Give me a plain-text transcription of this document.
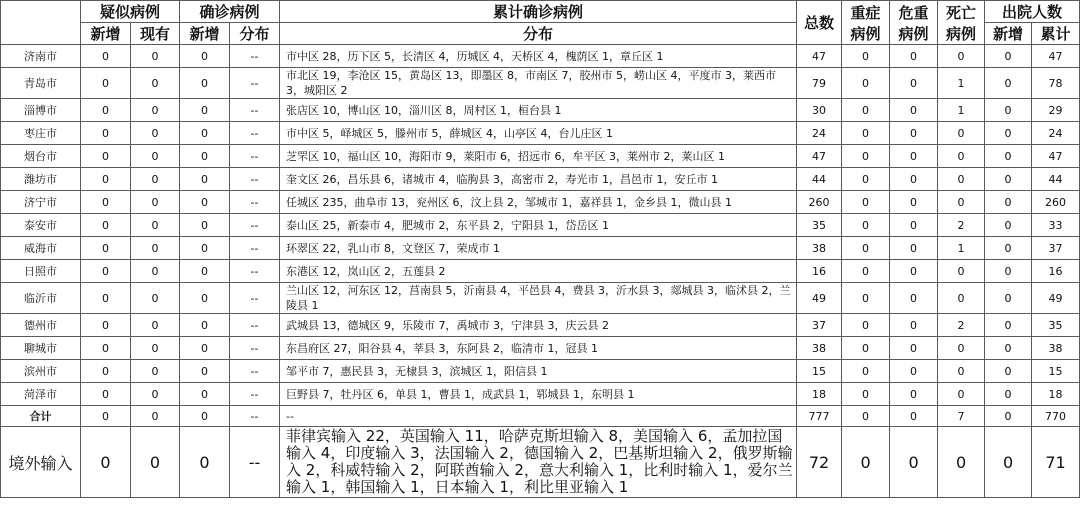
	疑似病例		确诊病例		累计确诊病例	总数	重症病例	危重病例	死亡病例	出院人数	
	新增	现有	新增	分布	分布					新增	累计
济南市	0	0	0	--	市中区 28，历下区 5，长清区 4，历城区 4，天桥区 4，槐荫区 1，章丘区 1	47	0	0	0	0	47
青岛市	0	0	0	--	市北区 19，李沧区 15，黄岛区 13，即墨区 8，市南区 7，胶州市 5，崂山区 4，平度市 3，莱西市 3，城阳区 2	79	0	0	1	0	78
淄博市	0	0	0	--	张店区 10，博山区 10，淄川区 8，周村区 1，桓台县 1	30	0	0	1	0	29
枣庄市	0	0	0	--	市中区 5，峄城区 5，滕州市 5，薛城区 4，山亭区 4，台儿庄区 1	24	0	0	0	0	24
烟台市	0	0	0	--	芝罘区 10，福山区 10，海阳市 9，莱阳市 6，招远市 6，牟平区 3，莱州市 2，莱山区 1	47	0	0	0	0	47
潍坊市	0	0	0	--	奎文区 26，昌乐县 6，诸城市 4，临朐县 3，高密市 2，寿光市 1，昌邑市 1，安丘市 1	44	0	0	0	0	44
济宁市	0	0	0	--	任城区 235，曲阜市 13，兖州区 6，汶上县 2，邹城市 1，嘉祥县 1，金乡县 1，微山县 1	260	0	0	0	0	260
泰安市	0	0	0	--	泰山区 25，新泰市 4，肥城市 2，东平县 2，宁阳县 1，岱岳区 1	35	0	0	2	0	33
威海市	0	0	0	--	环翠区 22，乳山市 8，文登区 7，荣成市 1	38	0	0	1	0	37
日照市	0	0	0	--	东港区 12，岚山区 2，五莲县 2	16	0	0	0	0	16
临沂市	0	0	0	--	兰山区 12，河东区 12，莒南县 5，沂南县 4，平邑县 4，费县 3，沂水县 3，郯城县 3，临沭县 2，兰陵县 1	49	0	0	0	0	49
德州市	0	0	0	--	武城县 13，德城区 9，乐陵市 7，禹城市 3，宁津县 3，庆云县 2	37	0	0	2	0	35
聊城市	0	0	0	--	东昌府区 27，阳谷县 4，莘县 3，东阿县 2，临清市 1，冠县 1	38	0	0	0	0	38
滨州市	0	0	0	--	邹平市 7，惠民县 3，无棣县 3，滨城区 1，阳信县 1	15	0	0	0	0	15
菏泽市	0	0	0	--	巨野县 7，牡丹区 6，单县 1，曹县 1，成武县 1，郓城县 1，东明县 1	18	0	0	0	0	18
合计	0	0	0	--	--	777	0	0	7	0	770
境外输入	0	0	0	--	菲律宾输入 22，英国输入 11，哈萨克斯坦输入 8，美国输入 6，孟加拉国输入 4，印度输入 3，法国输入 2，德国输入 2，巴基斯坦输入 2，俄罗斯输入 2，科威特输入 2，阿联酋输入 2，意大利输入 1，比利时输入 1，爱尔兰输入 1，韩国输入 1，日本输入 1，利比里亚输入 1	72	0	0	0	0	71
